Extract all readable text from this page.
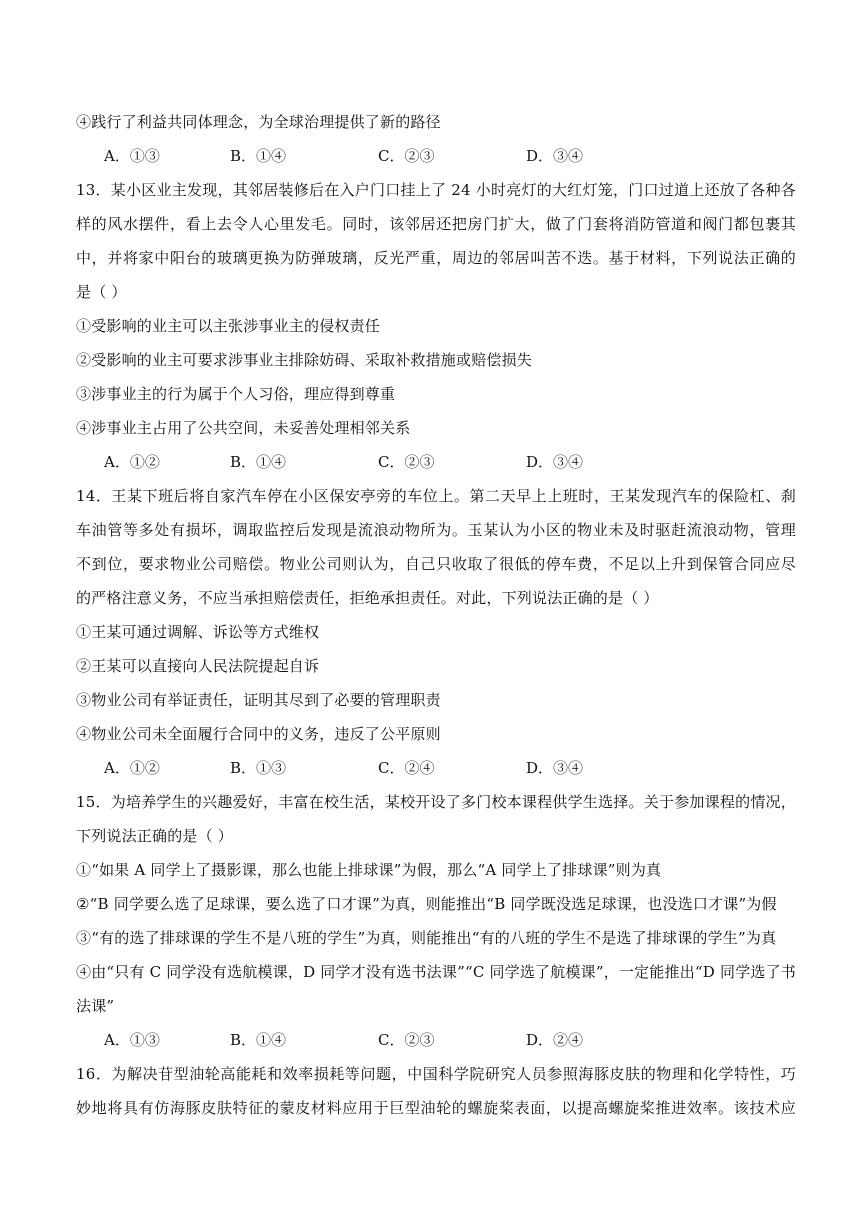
④践行了利益共同体理念，为全球治理提供了新的路径
A．①③	B．①④	C．②③	D．③④
13．某小区业主发现，其邻居装修后在入户门口挂上了 24 小时亮灯的大红灯笼，门口过道上还放了各种各
样的风水摆件，看上去令人心里发毛。同时，该邻居还把房门扩大，做了门套将消防管道和阀门都包裹其
中，并将家中阳台的玻璃更换为防弹玻璃，反光严重，周边的邻居叫苦不迭。基于材料，下列说法正确的
是（ ）
①受影响的业主可以主张涉事业主的侵权责任
②受影响的业主可要求涉事业主排除妨碍、采取补救措施或赔偿损失
③涉事业主的行为属于个人习俗，理应得到尊重
④涉事业主占用了公共空间，未妥善处理相邻关系
A．①②	B．①④	C．②③	D．③④
14．王某下班后将自家汽车停在小区保安亭旁的车位上。第二天早上上班时，王某发现汽车的保险杠、刹
车油管等多处有损坏，调取监控后发现是流浪动物所为。玉某认为小区的物业未及时驱赶流浪动物，管理
不到位，要求物业公司赔偿。物业公司则认为，自己只收取了很低的停车费，不足以上升到保管合同应尽
的严格注意义务，不应当承担赔偿责任，拒绝承担责任。对此，下列说法正确的是（ ）
①王某可通过调解、诉讼等方式维权
②王某可以直接向人民法院提起自诉
③物业公司有举证责任，证明其尽到了必要的管理职责
④物业公司未全面履行合同中的义务，违反了公平原则
A．①②	B．①③	C．②④	D．③④
15．为培养学生的兴趣爱好，丰富在校生活，某校开设了多门校本课程供学生选择。关于参加课程的情况，
下列说法正确的是（ ）
①“如果 A 同学上了摄影课，那么也能上排球课”为假，那么“A 同学上了排球课”则为真
②“B 同学要么选了足球课，要么选了口才课”为真，则能推出“B 同学既没选足球课，也没选口才课”为假
③“有的选了排球课的学生不是八班的学生”为真，则能推出“有的八班的学生不是选了排球课的学生”为真
④由“只有 C 同学没有选航模课，D 同学才没有选书法课”“C 同学选了航模课”，一定能推出“D 同学选了书
法课”
A．①③	B．①④	C．②③	D．②④
16．为解决苷型油轮高能耗和效率损耗等问题，中国科学院研究人员参照海豚皮肤的物理和化学特性，巧
妙地将具有仿海豚皮肤特征的蒙皮材料应用于巨型油轮的螺旋桨表面，以提高螺旋桨推进效率。该技术应
